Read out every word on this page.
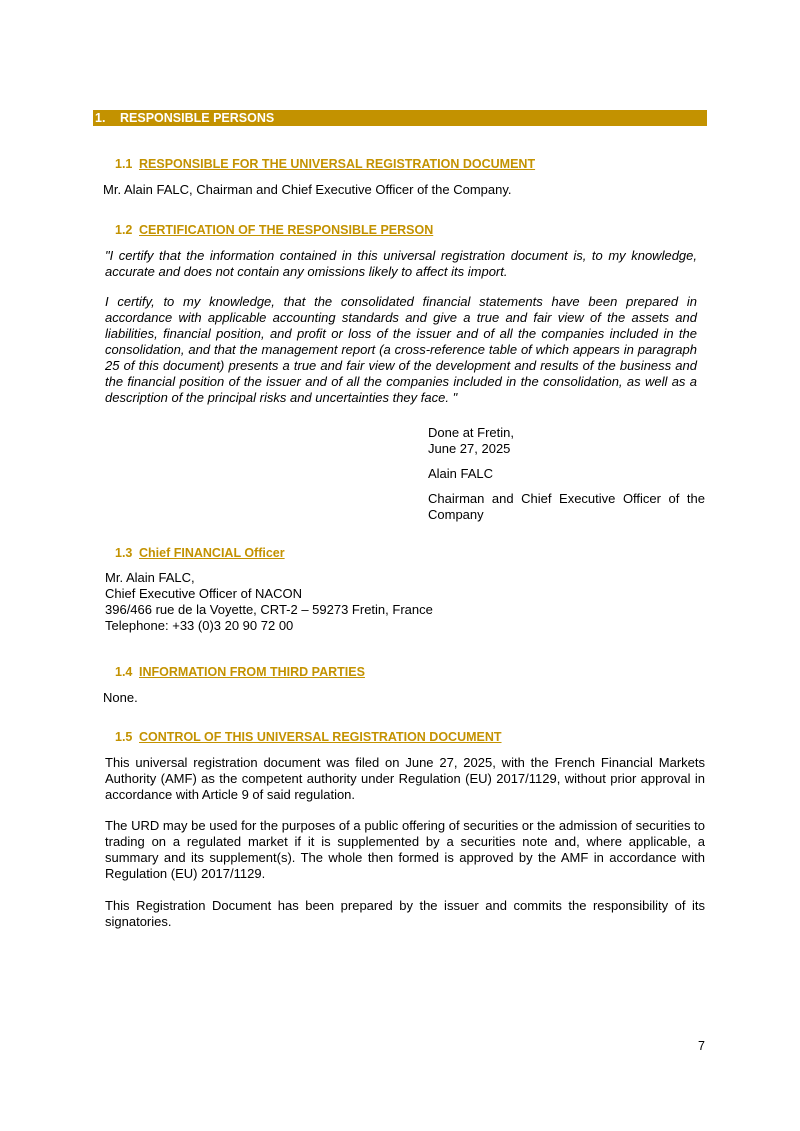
1. RESPONSIBLE PERSONS
1.1 RESPONSIBLE FOR THE UNIVERSAL REGISTRATION DOCUMENT
Mr. Alain FALC, Chairman and Chief Executive Officer of the Company.
1.2 CERTIFICATION OF THE RESPONSIBLE PERSON
"I certify that the information contained in this universal registration document is, to my knowledge, accurate and does not contain any omissions likely to affect its import.
I certify, to my knowledge, that the consolidated financial statements have been prepared in accordance with applicable accounting standards and give a true and fair view of the assets and liabilities, financial position, and profit or loss of the issuer and of all the companies included in the consolidation, and that the management report (a cross-reference table of which appears in paragraph 25 of this document) presents a true and fair view of the development and results of the business and the financial position of the issuer and of all the companies included in the consolidation, as well as a description of the principal risks and uncertainties they face. "
Done at Fretin,
June 27, 2025
Alain FALC
Chairman and Chief Executive Officer of the Company
1.3 Chief FINANCIAL Officer
Mr. Alain FALC,
Chief Executive Officer of NACON
396/466 rue de la Voyette, CRT-2 – 59273 Fretin, France
Telephone: +33 (0)3 20 90 72 00
1.4 INFORMATION FROM THIRD PARTIES
None.
1.5 CONTROL OF THIS UNIVERSAL REGISTRATION DOCUMENT
This universal registration document was filed on June 27, 2025, with the French Financial Markets Authority (AMF) as the competent authority under Regulation (EU) 2017/1129, without prior approval in accordance with Article 9 of said regulation.
The URD may be used for the purposes of a public offering of securities or the admission of securities to trading on a regulated market if it is supplemented by a securities note and, where applicable, a summary and its supplement(s). The whole then formed is approved by the AMF in accordance with Regulation (EU) 2017/1129.
This Registration Document has been prepared by the issuer and commits the responsibility of its signatories.
7
